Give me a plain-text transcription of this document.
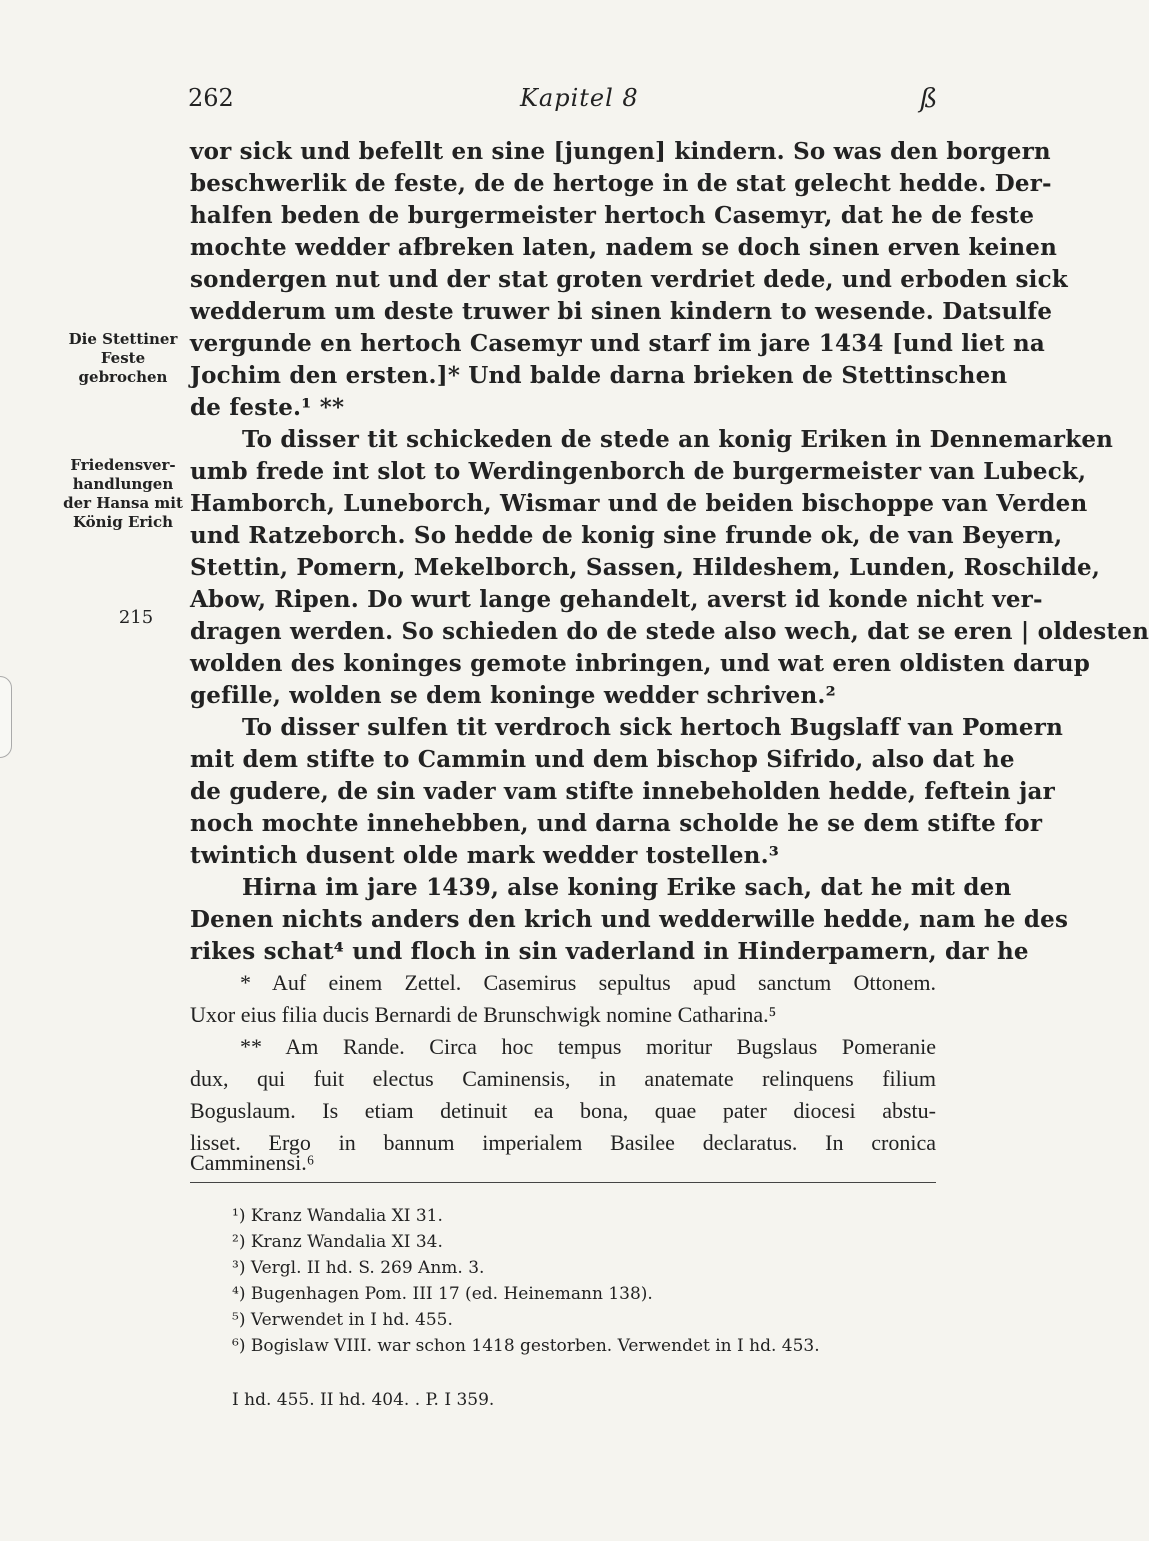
262	Kapitel 8	ß
Die Stettiner Feste gebrochen
Friedensver- handlungen der Hansa mit König Erich
215
vor sick und befellt en sine [jungen] kindern. So was den borgern
beschwerlik de feste, de de hertoge in de stat gelecht hedde. Der-
halfen beden de burgermeister hertoch Casemyr, dat he de feste
mochte wedder afbreken laten, nadem se doch sinen erven keinen
sondergen nut und der stat groten verdriet dede, und erboden sick
wedderum um deste truwer bi sinen kindern to wesende. Datsulfe
vergunde en hertoch Casemyr und starf im jare 1434 [und liet na
Jochim den ersten.]* Und balde darna brieken de Stettinschen
de feste.¹ **
To disser tit schickeden de stede an konig Eriken in Dennemarken
umb frede int slot to Werdingenborch de burgermeister van Lubeck,
Hamborch, Luneborch, Wismar und de beiden bischoppe van Verden
und Ratzeborch. So hedde de konig sine frunde ok, de van Beyern,
Stettin, Pomern, Mekelborch, Sassen, Hildeshem, Lunden, Roschilde,
Abow, Ripen. Do wurt lange gehandelt, averst id konde nicht ver-
dragen werden. So schieden do de stede also wech, dat se eren | oldesten
wolden des koninges gemote inbringen, und wat eren oldisten darup
gefille, wolden se dem koninge wedder schriven.²
To disser sulfen tit verdroch sick hertoch Bugslaff van Pomern
mit dem stifte to Cammin und dem bischop Sifrido, also dat he
de gudere, de sin vader vam stifte innebeholden hedde, feftein jar
noch mochte innehebben, und darna scholde he se dem stifte for
twintich dusent olde mark wedder tostellen.³
Hirna im jare 1439, alse koning Erike sach, dat he mit den
Denen nichts anders den krich und wedderwille hedde, nam he des
rikes schat⁴ und floch in sin vaderland in Hinderpamern, dar he
* Auf einem Zettel. Casemirus sepultus apud sanctum Ottonem.
Uxor eius filia ducis Bernardi de Brunschwigk nomine Catharina.⁵
** Am Rande. Circa hoc tempus moritur Bugslaus Pomeranie
dux, qui fuit electus Caminensis, in anatemate relinquens filium
Boguslaum. Is etiam detinuit ea bona, quae pater diocesi abstu-
lisset. Ergo in bannum imperialem Basilee declaratus. In cronica
Camminensi.⁶
¹) Kranz Wandalia XI 31.
²) Kranz Wandalia XI 34.
³) Vergl. II hd. S. 269 Anm. 3.
⁴) Bugenhagen Pom. III 17 (ed. Heinemann 138).
⁵) Verwendet in I hd. 455.
⁶) Bogislaw VIII. war schon 1418 gestorben. Verwendet in I hd. 453.
I hd. 455. II hd. 404. . P. I 359.
